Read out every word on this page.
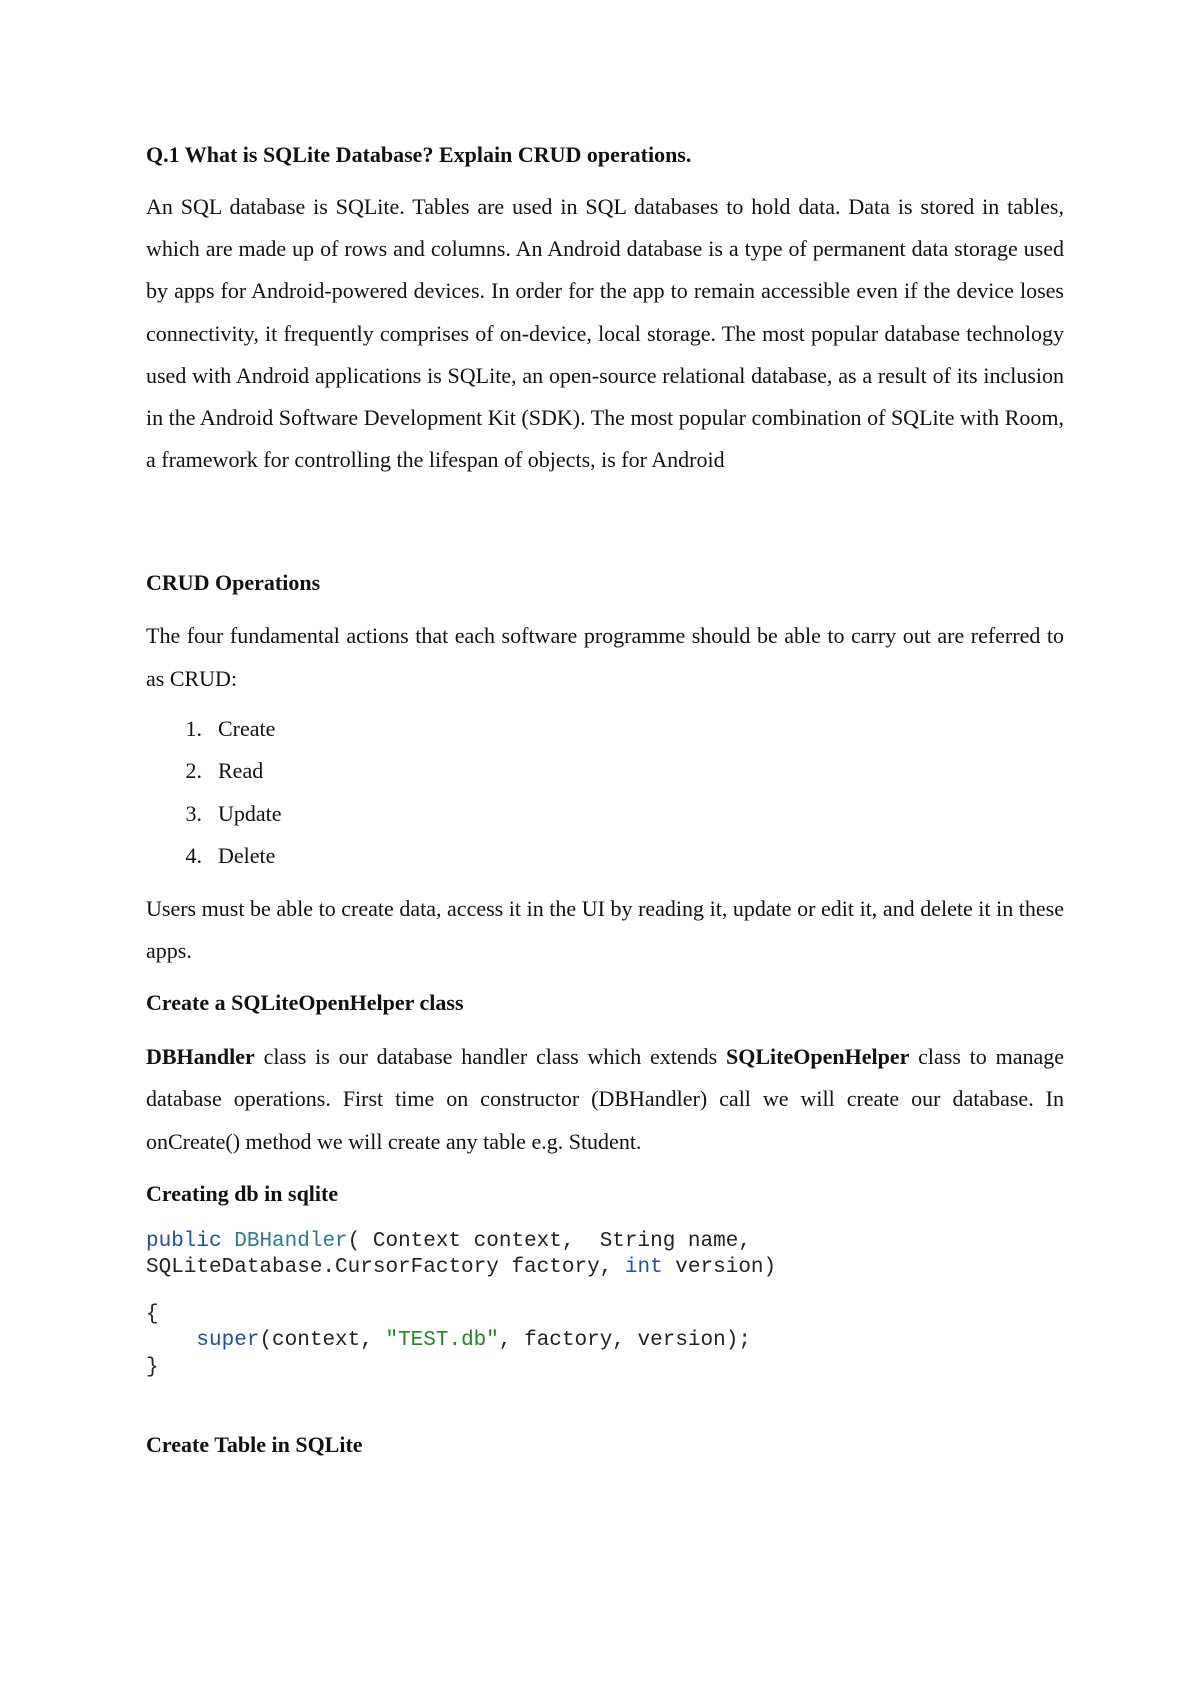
Q.1 What is SQLite Database? Explain CRUD operations.

An SQL database is SQLite. Tables are used in SQL databases to hold data. Data is stored in tables, which are made up of rows and columns. An Android database is a type of permanent data storage used by apps for Android-powered devices. In order for the app to remain accessible even if the device loses connectivity, it frequently comprises of on-device, local storage. The most popular database technology used with Android applications is SQLite, an open-source relational database, as a result of its inclusion in the Android Software Development Kit (SDK). The most popular combination of SQLite with Room, a framework for controlling the lifespan of objects, is for Android

CRUD Operations

The four fundamental actions that each software programme should be able to carry out are referred to as CRUD:

1. Create
2. Read
3. Update
4. Delete

Users must be able to create data, access it in the UI by reading it, update or edit it, and delete it in these apps.

Create a SQLiteOpenHelper class

DBHandler class is our database handler class which extends SQLiteOpenHelper class to manage database operations. First time on constructor (DBHandler) call we will create our database. In onCreate() method we will create any table e.g. Student.

Creating db in sqlite

public DBHandler( Context context,  String name,
SQLiteDatabase.CursorFactory factory, int version)
{
super(context, "TEST.db", factory, version);
}

Create Table in SQLite
